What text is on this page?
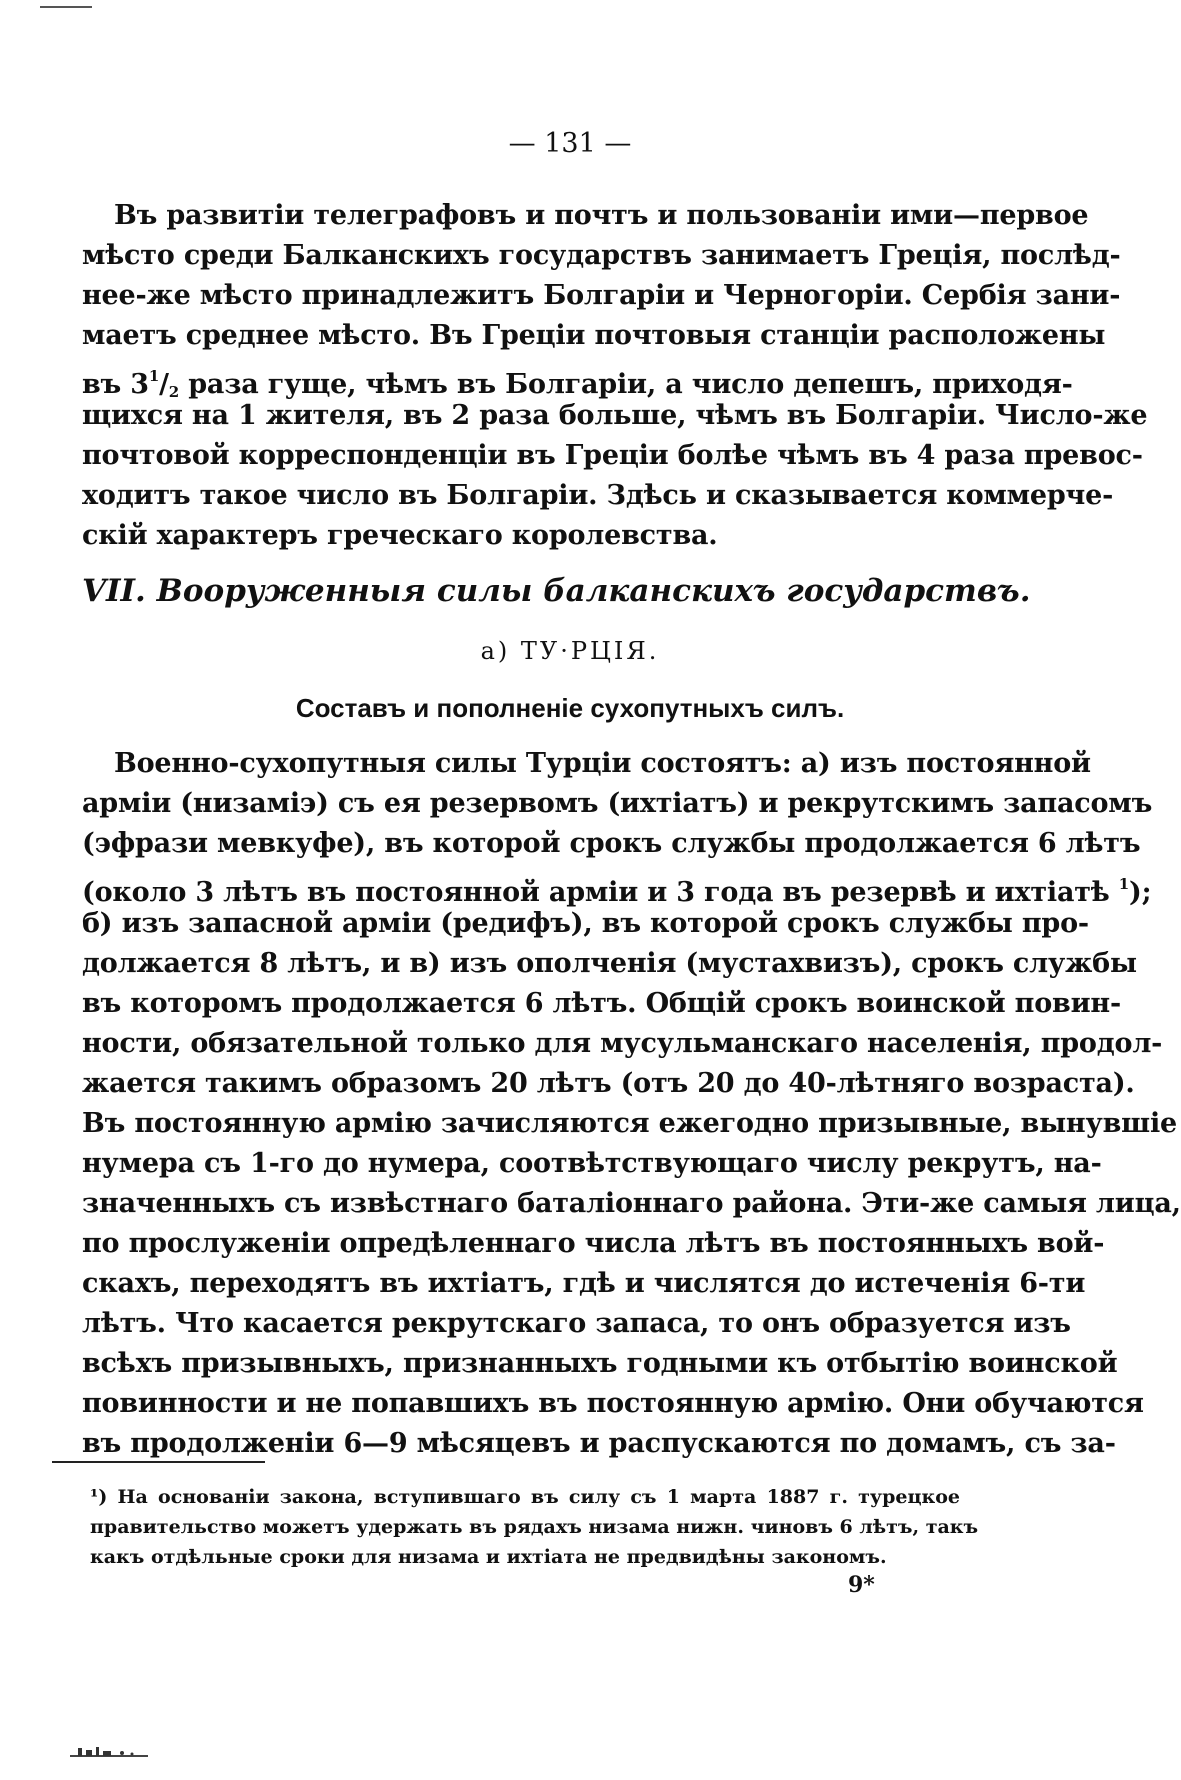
— 131 —
Въ развитіи телеграфовъ и почтъ и пользованіи ими—первое
мѣсто среди Балканскихъ государствъ занимаетъ Греція, послѣд-
нее-же мѣсто принадлежитъ Болгаріи и Черногоріи. Сербія зани-
маетъ среднее мѣсто. Въ Греціи почтовыя станціи расположены
въ $3^1/_2$ раза гуще, чѣмъ въ Болгаріи, а число депешъ, приходя-
щихся на 1 жителя, въ 2 раза больше, чѣмъ въ Болгаріи. Число-же
почтовой корреспонденціи въ Греціи болѣе чѣмъ въ 4 раза превос-
ходитъ такое число въ Болгаріи. Здѣсь и сказывается коммерче-
скій характеръ греческаго королевства.
VII. Вооруженныя силы балканскихъ государствъ.
а) ТУ·РЦІЯ.
Составъ и пополненіе сухопутныхъ силъ.
Военно-сухопутныя силы Турціи состоятъ: а) изъ постоянной
арміи (низаміэ) съ ея резервомъ (ихтіатъ) и рекрутскимъ запасомъ
(эфрази мевкуфе), въ которой срокъ службы продолжается 6 лѣтъ
(около 3 лѣтъ въ постоянной арміи и 3 года въ резервѣ и ихтіатѣ $^1$);
б) изъ запасной арміи (редифъ), въ которой срокъ службы про-
должается 8 лѣтъ, и в) изъ ополченія (мустахвизъ), срокъ службы
въ которомъ продолжается 6 лѣтъ. Общій срокъ воинской повин-
ности, обязательной только для мусульманскаго населенія, продол-
жается такимъ образомъ 20 лѣтъ (отъ 20 до 40-лѣтняго возраста).
Въ постоянную армію зачисляются ежегодно призывные, вынувшіе
нумера съ 1-го до нумера, соотвѣтствующаго числу рекрутъ, на-
значенныхъ съ извѣстнаго баталіоннаго района. Эти-же самыя лица,
по прослуженіи опредѣленнаго числа лѣтъ въ постоянныхъ вой-
скахъ, переходятъ въ ихтіатъ, гдѣ и числятся до истеченія 6-ти
лѣтъ. Что касается рекрутскаго запаса, то онъ образуется изъ
всѣхъ призывныхъ, признанныхъ годными къ отбытію воинской
повинности и не попавшихъ въ постоянную армію. Они обучаются
въ продолженіи 6—9 мѣсяцевъ и распускаются по домамъ, съ за-
¹) На основаніи закона, вступившаго въ силу съ 1 марта 1887 г. турецкое
правительство можетъ удержать въ рядахъ низама нижн. чиновъ 6 лѣтъ, такъ
какъ отдѣльные сроки для низама и ихтіата не предвидѣны закономъ.
9*
